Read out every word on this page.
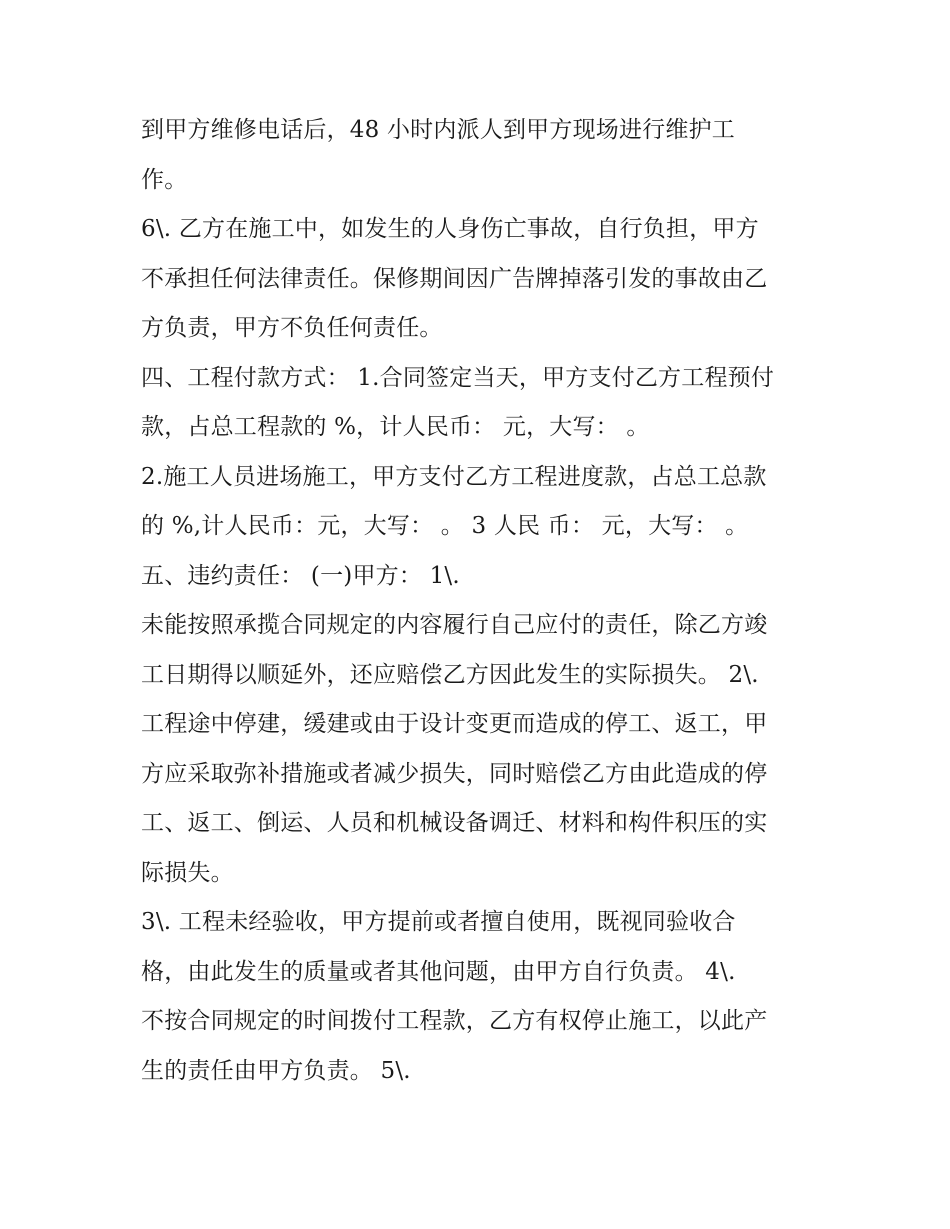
到甲方维修电话后，48 小时内派人到甲方现场进行维护工
作。
6\. 乙方在施工中，如发生的人身伤亡事故，自行负担，甲方
不承担任何法律责任。保修期间因广告牌掉落引发的事故由乙
方负责，甲方不负任何责任。
四、工程付款方式： 1.合同签定当天，甲方支付乙方工程预付
款，占总工程款的 %，计人民币： 元，大写： 。
2.施工人员进场施工，甲方支付乙方工程进度款，占总工总款
的 %,计人民币：元，大写： 。 3 人民 币： 元，大写： 。
五、违约责任： (一)甲方： 1\.
未能按照承揽合同规定的内容履行自己应付的责任，除乙方竣
工日期得以顺延外，还应赔偿乙方因此发生的实际损失。 2\.
工程途中停建，缓建或由于设计变更而造成的停工、返工，甲
方应采取弥补措施或者减少损失，同时赔偿乙方由此造成的停
工、返工、倒运、人员和机械设备调迁、材料和构件积压的实
际损失。
3\. 工程未经验收，甲方提前或者擅自使用，既视同验收合
格，由此发生的质量或者其他问题，由甲方自行负责。 4\.
不按合同规定的时间拨付工程款，乙方有权停止施工，以此产
生的责任由甲方负责。 5\.
